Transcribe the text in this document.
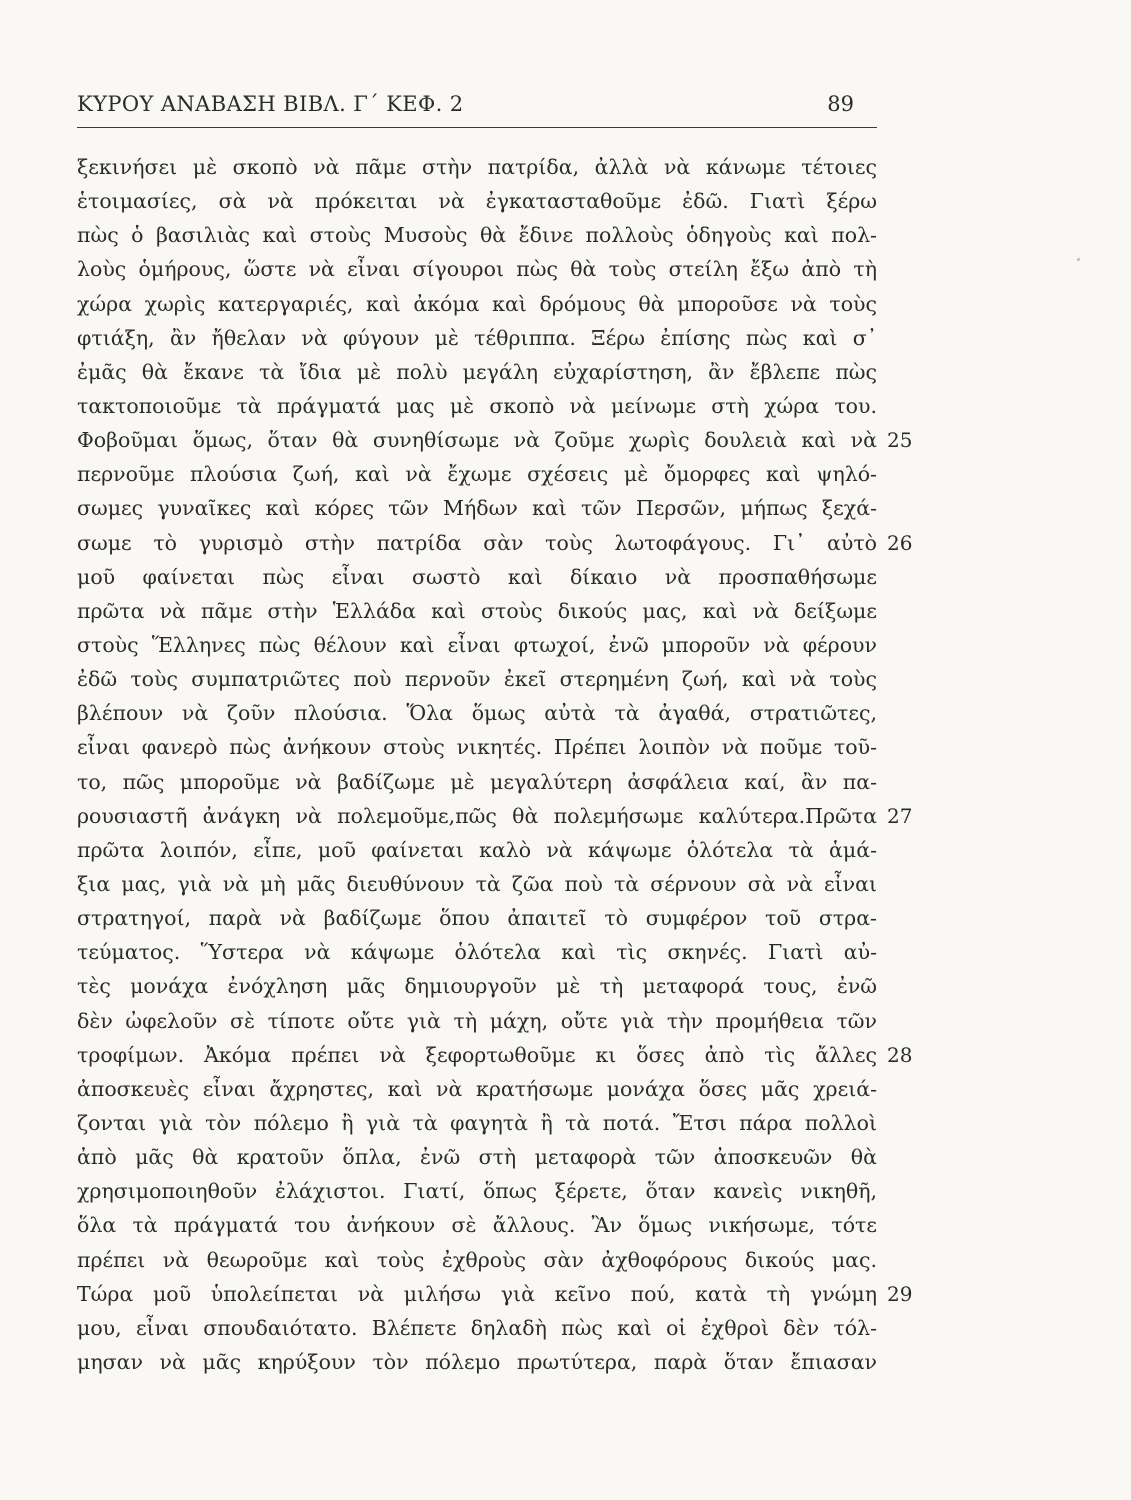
ΚΥΡΟΥ ΑΝΑΒΑΣΗ ΒΙΒΛ. Γ΄ ΚΕΦ. 2	89
ξεκινήσει μὲ σκοπὸ νὰ πᾶμε στὴν πατρίδα, ἀλλὰ νὰ κάνωμε τέτοιες
ἑτοιμασίες, σὰ νὰ πρόκειται νὰ ἐγκατασταθοῦμε ἐδῶ. Γιατὶ ξέρω
πὼς ὁ βασιλιὰς καὶ στοὺς Μυσοὺς θὰ ἔδινε πολλοὺς ὁδηγοὺς καὶ πολ-
λοὺς ὁμήρους, ὥστε νὰ εἶναι σίγουροι πὼς θὰ τοὺς στείλη ἔξω ἀπὸ τὴ
χώρα χωρὶς κατεργαριές, καὶ ἀκόμα καὶ δρόμους θὰ μποροῦσε νὰ τοὺς
φτιάξη, ἂν ἤθελαν νὰ φύγουν μὲ τέθριππα. Ξέρω ἐπίσης πὼς καὶ σ᾽
ἐμᾶς θὰ ἔκανε τὰ ἴδια μὲ πολὺ μεγάλη εὐχαρίστηση, ἂν ἔβλεπε πὼς
τακτοποιοῦμε τὰ πράγματά μας μὲ σκοπὸ νὰ μείνωμε στὴ χώρα του.
Φοβοῦμαι ὅμως, ὅταν θὰ συνηθίσωμε νὰ ζοῦμε χωρὶς δουλειὰ καὶ νὰ 25
περνοῦμε πλούσια ζωή, καὶ νὰ ἔχωμε σχέσεις μὲ ὄμορφες καὶ ψηλό-
σωμες γυναῖκες καὶ κόρες τῶν Μήδων καὶ τῶν Περσῶν, μήπως ξεχά-
σωμε τὸ γυρισμὸ στὴν πατρίδα σὰν τοὺς λωτοφάγους. Γι᾽ αὐτὸ 26
μοῦ φαίνεται πὼς εἶναι σωστὸ καὶ δίκαιο νὰ προσπαθήσωμε
πρῶτα νὰ πᾶμε στὴν Ἑλλάδα καὶ στοὺς δικούς μας, καὶ νὰ δείξωμε
στοὺς Ἕλληνες πὼς θέλουν καὶ εἶναι φτωχοί, ἐνῶ μποροῦν νὰ φέρουν
ἐδῶ τοὺς συμπατριῶτες ποὺ περνοῦν ἐκεῖ στερημένη ζωή, καὶ νὰ τοὺς
βλέπουν νὰ ζοῦν πλούσια. Ὅλα ὅμως αὐτὰ τὰ ἀγαθά, στρατιῶτες,
εἶναι φανερὸ πὼς ἀνήκουν στοὺς νικητές. Πρέπει λοιπὸν νὰ ποῦμε τοῦ-
το, πῶς μποροῦμε νὰ βαδίζωμε μὲ μεγαλύτερη ἀσφάλεια καί, ἂν πα-
ρουσιαστῆ ἀνάγκη νὰ πολεμοῦμε,πῶς θὰ πολεμήσωμε καλύτερα.Πρῶτα 27
πρῶτα λοιπόν, εἶπε, μοῦ φαίνεται καλὸ νὰ κάψωμε ὁλότελα τὰ ἁμά-
ξια μας, γιὰ νὰ μὴ μᾶς διευθύνουν τὰ ζῶα ποὺ τὰ σέρνουν σὰ νὰ εἶναι
στρατηγοί, παρὰ νὰ βαδίζωμε ὅπου ἀπαιτεῖ τὸ συμφέρον τοῦ στρα-
τεύματος. Ὕστερα νὰ κάψωμε ὁλότελα καὶ τὶς σκηνές. Γιατὶ αὐ-
τὲς μονάχα ἐνόχληση μᾶς δημιουργοῦν μὲ τὴ μεταφορά τους, ἐνῶ
δὲν ὠφελοῦν σὲ τίποτε οὔτε γιὰ τὴ μάχη, οὔτε γιὰ τὴν προμήθεια τῶν
τροφίμων. Ἀκόμα πρέπει νὰ ξεφορτωθοῦμε κι ὅσες ἀπὸ τὶς ἄλλες 28
ἀποσκευὲς εἶναι ἄχρηστες, καὶ νὰ κρατήσωμε μονάχα ὅσες μᾶς χρειά-
ζονται γιὰ τὸν πόλεμο ἢ γιὰ τὰ φαγητὰ ἢ τὰ ποτά. Ἔτσι πάρα πολλοὶ
ἀπὸ μᾶς θὰ κρατοῦν ὅπλα, ἐνῶ στὴ μεταφορὰ τῶν ἀποσκευῶν θὰ
χρησιμοποιηθοῦν ἐλάχιστοι. Γιατί, ὅπως ξέρετε, ὅταν κανεὶς νικηθῆ,
ὅλα τὰ πράγματά του ἀνήκουν σὲ ἄλλους. Ἂν ὅμως νικήσωμε, τότε
πρέπει νὰ θεωροῦμε καὶ τοὺς ἐχθροὺς σὰν ἀχθοφόρους δικούς μας.
Τώρα μοῦ ὑπολείπεται νὰ μιλήσω γιὰ κεῖνο πού, κατὰ τὴ γνώμη 29
μου, εἶναι σπουδαιότατο. Βλέπετε δηλαδὴ πὼς καὶ οἱ ἐχθροὶ δὲν τόλ-
μησαν νὰ μᾶς κηρύξουν τὸν πόλεμο πρωτύτερα, παρὰ ὅταν ἔπιασαν
